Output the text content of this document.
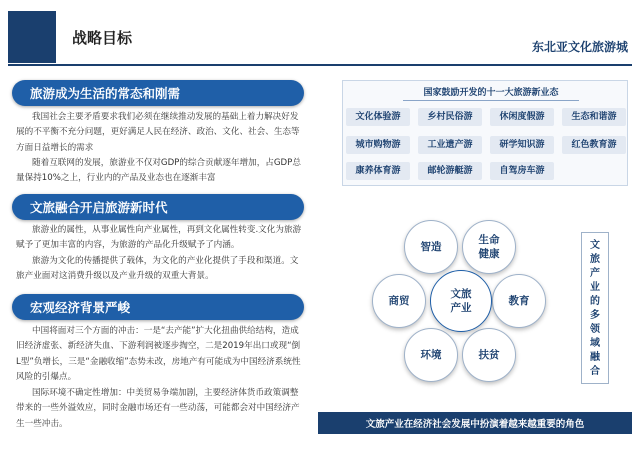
战略目标	东北亚文化旅游城
旅游成为生活的常态和刚需
我国社会主要矛盾要求我们必须在继续推动发展的基础上着力解决好发展的不平衡不充分问题，更好满足人民在经济、政治、文化、社会、生态等方面日益增长的需求
随着互联网的发展，旅游业不仅对GDP的综合贡献逐年增加，占GDP总量保持10%之上，行业内的产品及业态也在逐渐丰富
文旅融合开启旅游新时代
旅游业的属性，从事业属性向产业属性，再到文化属性转变.文化为旅游赋予了更加丰富的内容，为旅游的产品化升级赋予了内涵。
旅游为文化的传播提供了载体，为文化的产业化提供了手段和渠道。文旅产业面对这消费升级以及产业升级的双重大背景。
宏观经济背景严峻
中国将面对三个方面的冲击：一是“去产能”扩大化扭曲供给结构，造成旧经济虚张、新经济失血、下游利润被逐步掏空，二是2019年出口或现“倒L型”负增长，三是“金融收缩”态势未改，房地产有可能成为中国经济系统性风险的引爆点。
国际环境不确定性增加：中美贸易争端加剧，主要经济体货币政策调整带来的一些外溢效应，同时金融市场还有一些动荡，可能都会对中国经济产生一些冲击。
国家鼓励开发的十一大旅游新业态
文化体验游	乡村民俗游	休闲度假游	生态和谐游
城市购物游	工业遗产游	研学知识游	红色教育游
康养体育游	邮轮游艇游	自驾房车游
智造
生命健康
教育
扶贫
环境
商贸
文旅产业
文旅产业的多领域融合
文旅产业在经济社会发展中扮演着越来越重要的角色
